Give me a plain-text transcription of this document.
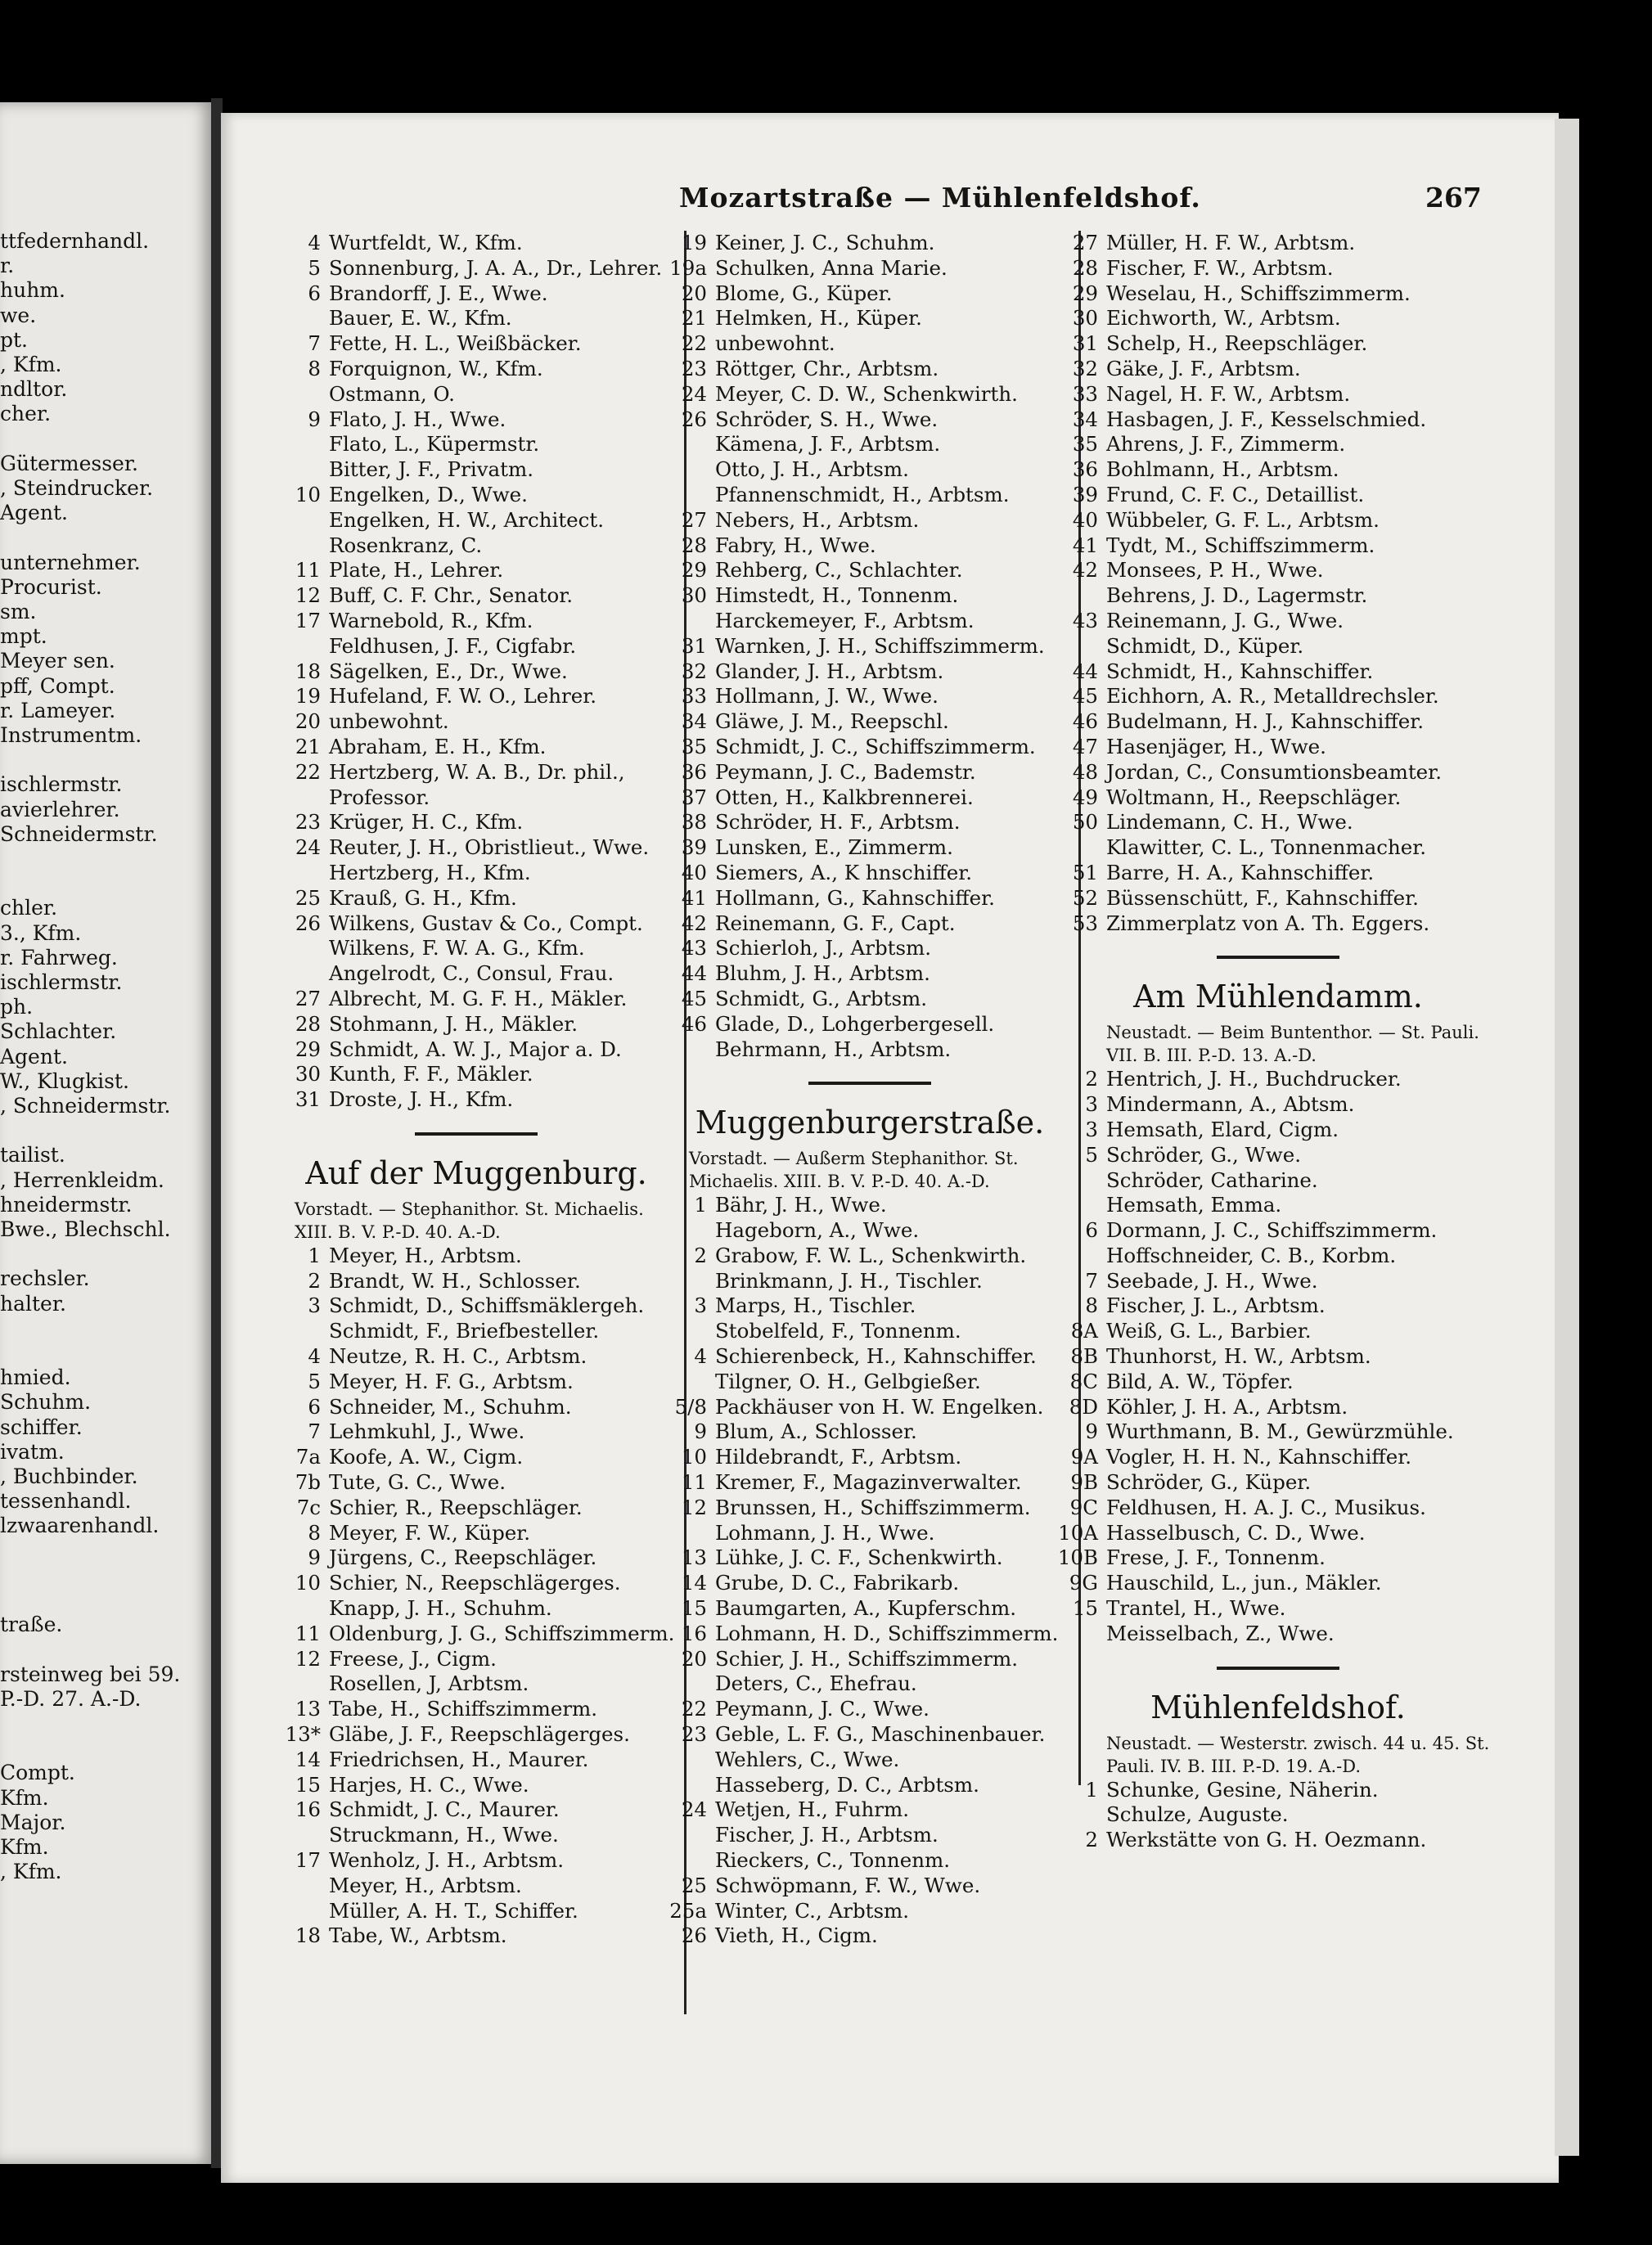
ttfedernhandl.
r.
huhm.
we.
pt.
, Kfm.
ndltor.
cher.
Gütermesser.
, Steindrucker.
Agent.
unternehmer.
Procurist.
sm.
mpt.
Meyer sen.
pff, Compt.
r. Lameyer.
Instrumentm.
ischlermstr.
avierlehrer.
Schneidermstr.
chler.
3., Kfm.
r. Fahrweg.
ischlermstr.
ph.
Schlachter.
Agent.
W., Klugkist.
, Schneidermstr.
tailist.
, Herrenkleidm.
hneidermstr.
Bwe., Blechschl.
rechsler.
halter.
hmied.
Schuhm.
schiffer.
ivatm.
, Buchbinder.
tessenhandl.
lzwaarenhandl.
traße.
rsteinweg bei 59.
P.-D. 27. A.-D.
Compt.
Kfm.
Major.
Kfm.
, Kfm.
Mozartstraße — Mühlenfeldshof.	267
4 Wurtfeldt, W., Kfm.
5 Sonnenburg, J. A. A., Dr., Lehrer.
6 Brandorff, J. E., Wwe.
Bauer, E. W., Kfm.
7 Fette, H. L., Weißbäcker.
8 Forquignon, W., Kfm.
Ostmann, O.
9 Flato, J. H., Wwe.
Flato, L., Küpermstr.
Bitter, J. F., Privatm.
10 Engelken, D., Wwe.
Engelken, H. W., Architect.
Rosenkranz, C.
11 Plate, H., Lehrer.
12 Buff, C. F. Chr., Senator.
17 Warnebold, R., Kfm.
Feldhusen, J. F., Cigfabr.
18 Sägelken, E., Dr., Wwe.
19 Hufeland, F. W. O., Lehrer.
20 unbewohnt.
21 Abraham, E. H., Kfm.
22 Hertzberg, W. A. B., Dr. phil.,
Professor.
23 Krüger, H. C., Kfm.
24 Reuter, J. H., Obristlieut., Wwe.
Hertzberg, H., Kfm.
25 Krauß, G. H., Kfm.
26 Wilkens, Gustav & Co., Compt.
Wilkens, F. W. A. G., Kfm.
Angelrodt, C., Consul, Frau.
27 Albrecht, M. G. F. H., Mäkler.
28 Stohmann, J. H., Mäkler.
29 Schmidt, A. W. J., Major a. D.
30 Kunth, F. F., Mäkler.
31 Droste, J. H., Kfm.
Auf der Muggenburg.
Vorstadt. — Stephanithor. St. Michaelis. XIII. B. V. P.-D. 40. A.-D.
1 Meyer, H., Arbtsm.
2 Brandt, W. H., Schlosser.
3 Schmidt, D., Schiffsmäklergeh.
Schmidt, F., Briefbesteller.
4 Neutze, R. H. C., Arbtsm.
5 Meyer, H. F. G., Arbtsm.
6 Schneider, M., Schuhm.
7 Lehmkuhl, J., Wwe.
7a Koofe, A. W., Cigm.
7b Tute, G. C., Wwe.
7c Schier, R., Reepschläger.
8 Meyer, F. W., Küper.
9 Jürgens, C., Reepschläger.
10 Schier, N., Reepschlägerges.
Knapp, J. H., Schuhm.
11 Oldenburg, J. G., Schiffszimmerm.
12 Freese, J., Cigm.
Rosellen, J, Arbtsm.
13 Tabe, H., Schiffszimmerm.
13* Gläbe, J. F., Reepschlägerges.
14 Friedrichsen, H., Maurer.
15 Harjes, H. C., Wwe.
16 Schmidt, J. C., Maurer.
Struckmann, H., Wwe.
17 Wenholz, J. H., Arbtsm.
Meyer, H., Arbtsm.
Müller, A. H. T., Schiffer.
18 Tabe, W., Arbtsm.
19 Keiner, J. C., Schuhm.
19a Schulken, Anna Marie.
20 Blome, G., Küper.
21 Helmken, H., Küper.
22 unbewohnt.
23 Röttger, Chr., Arbtsm.
24 Meyer, C. D. W., Schenkwirth.
26 Schröder, S. H., Wwe.
Kämena, J. F., Arbtsm.
Otto, J. H., Arbtsm.
Pfannenschmidt, H., Arbtsm.
27 Nebers, H., Arbtsm.
28 Fabry, H., Wwe.
29 Rehberg, C., Schlachter.
30 Himstedt, H., Tonnenm.
Harckemeyer, F., Arbtsm.
31 Warnken, J. H., Schiffszimmerm.
32 Glander, J. H., Arbtsm.
33 Hollmann, J. W., Wwe.
34 Gläwe, J. M., Reepschl.
35 Schmidt, J. C., Schiffszimmerm.
36 Peymann, J. C., Bademstr.
37 Otten, H., Kalkbrennerei.
38 Schröder, H. F., Arbtsm.
39 Lunsken, E., Zimmerm.
40 Siemers, A., K hnschiffer.
41 Hollmann, G., Kahnschiffer.
42 Reinemann, G. F., Capt.
43 Schierloh, J., Arbtsm.
44 Bluhm, J. H., Arbtsm.
45 Schmidt, G., Arbtsm.
46 Glade, D., Lohgerbergesell.
Behrmann, H., Arbtsm.
Muggenburgerstraße.
Vorstadt. — Außerm Stephanithor. St. Michaelis. XIII. B. V. P.-D. 40. A.-D.
1 Bähr, J. H., Wwe.
Hageborn, A., Wwe.
2 Grabow, F. W. L., Schenkwirth.
Brinkmann, J. H., Tischler.
3 Marps, H., Tischler.
Stobelfeld, F., Tonnenm.
4 Schierenbeck, H., Kahnschiffer.
Tilgner, O. H., Gelbgießer.
5/8 Packhäuser von H. W. Engelken.
9 Blum, A., Schlosser.
10 Hildebrandt, F., Arbtsm.
11 Kremer, F., Magazinverwalter.
12 Brunssen, H., Schiffszimmerm.
Lohmann, J. H., Wwe.
13 Lühke, J. C. F., Schenkwirth.
14 Grube, D. C., Fabrikarb.
15 Baumgarten, A., Kupferschm.
16 Lohmann, H. D., Schiffszimmerm.
20 Schier, J. H., Schiffszimmerm.
Deters, C., Ehefrau.
22 Peymann, J. C., Wwe.
23 Geble, L. F. G., Maschinenbauer.
Wehlers, C., Wwe.
Hasseberg, D. C., Arbtsm.
24 Wetjen, H., Fuhrm.
Fischer, J. H., Arbtsm.
Rieckers, C., Tonnenm.
25 Schwöpmann, F. W., Wwe.
25a Winter, C., Arbtsm.
26 Vieth, H., Cigm.
27 Müller, H. F. W., Arbtsm.
28 Fischer, F. W., Arbtsm.
29 Weselau, H., Schiffszimmerm.
30 Eichworth, W., Arbtsm.
31 Schelp, H., Reepschläger.
32 Gäke, J. F., Arbtsm.
33 Nagel, H. F. W., Arbtsm.
34 Hasbagen, J. F., Kesselschmied.
35 Ahrens, J. F., Zimmerm.
36 Bohlmann, H., Arbtsm.
39 Frund, C. F. C., Detaillist.
40 Wübbeler, G. F. L., Arbtsm.
41 Tydt, M., Schiffszimmerm.
42 Monsees, P. H., Wwe.
Behrens, J. D., Lagermstr.
43 Reinemann, J. G., Wwe.
Schmidt, D., Küper.
44 Schmidt, H., Kahnschiffer.
45 Eichhorn, A. R., Metalldrechsler.
46 Budelmann, H. J., Kahnschiffer.
47 Hasenjäger, H., Wwe.
48 Jordan, C., Consumtionsbeamter.
49 Woltmann, H., Reepschläger.
50 Lindemann, C. H., Wwe.
Klawitter, C. L., Tonnenmacher.
51 Barre, H. A., Kahnschiffer.
52 Büssenschütt, F., Kahnschiffer.
53 Zimmerplatz von A. Th. Eggers.
Am Mühlendamm.
Neustadt. — Beim Buntenthor. — St. Pauli. VII. B. III. P.-D. 13. A.-D.
2 Hentrich, J. H., Buchdrucker.
3 Mindermann, A., Abtsm.
3 Hemsath, Elard, Cigm.
5 Schröder, G., Wwe.
Schröder, Catharine.
Hemsath, Emma.
6 Dormann, J. C., Schiffszimmerm.
Hoffschneider, C. B., Korbm.
7 Seebade, J. H., Wwe.
8 Fischer, J. L., Arbtsm.
8A Weiß, G. L., Barbier.
8B Thunhorst, H. W., Arbtsm.
8C Bild, A. W., Töpfer.
8D Köhler, J. H. A., Arbtsm.
9 Wurthmann, B. M., Gewürzmühle.
9A Vogler, H. H. N., Kahnschiffer.
9B Schröder, G., Küper.
9C Feldhusen, H. A. J. C., Musikus.
10A Hasselbusch, C. D., Wwe.
10B Frese, J. F., Tonnenm.
9G Hauschild, L., jun., Mäkler.
15 Trantel, H., Wwe.
Meisselbach, Z., Wwe.
Mühlenfeldshof.
Neustadt. — Westerstr. zwisch. 44 u. 45. St. Pauli. IV. B. III. P.-D. 19. A.-D.
1 Schunke, Gesine, Näherin.
Schulze, Auguste.
2 Werkstätte von G. H. Oezmann.
